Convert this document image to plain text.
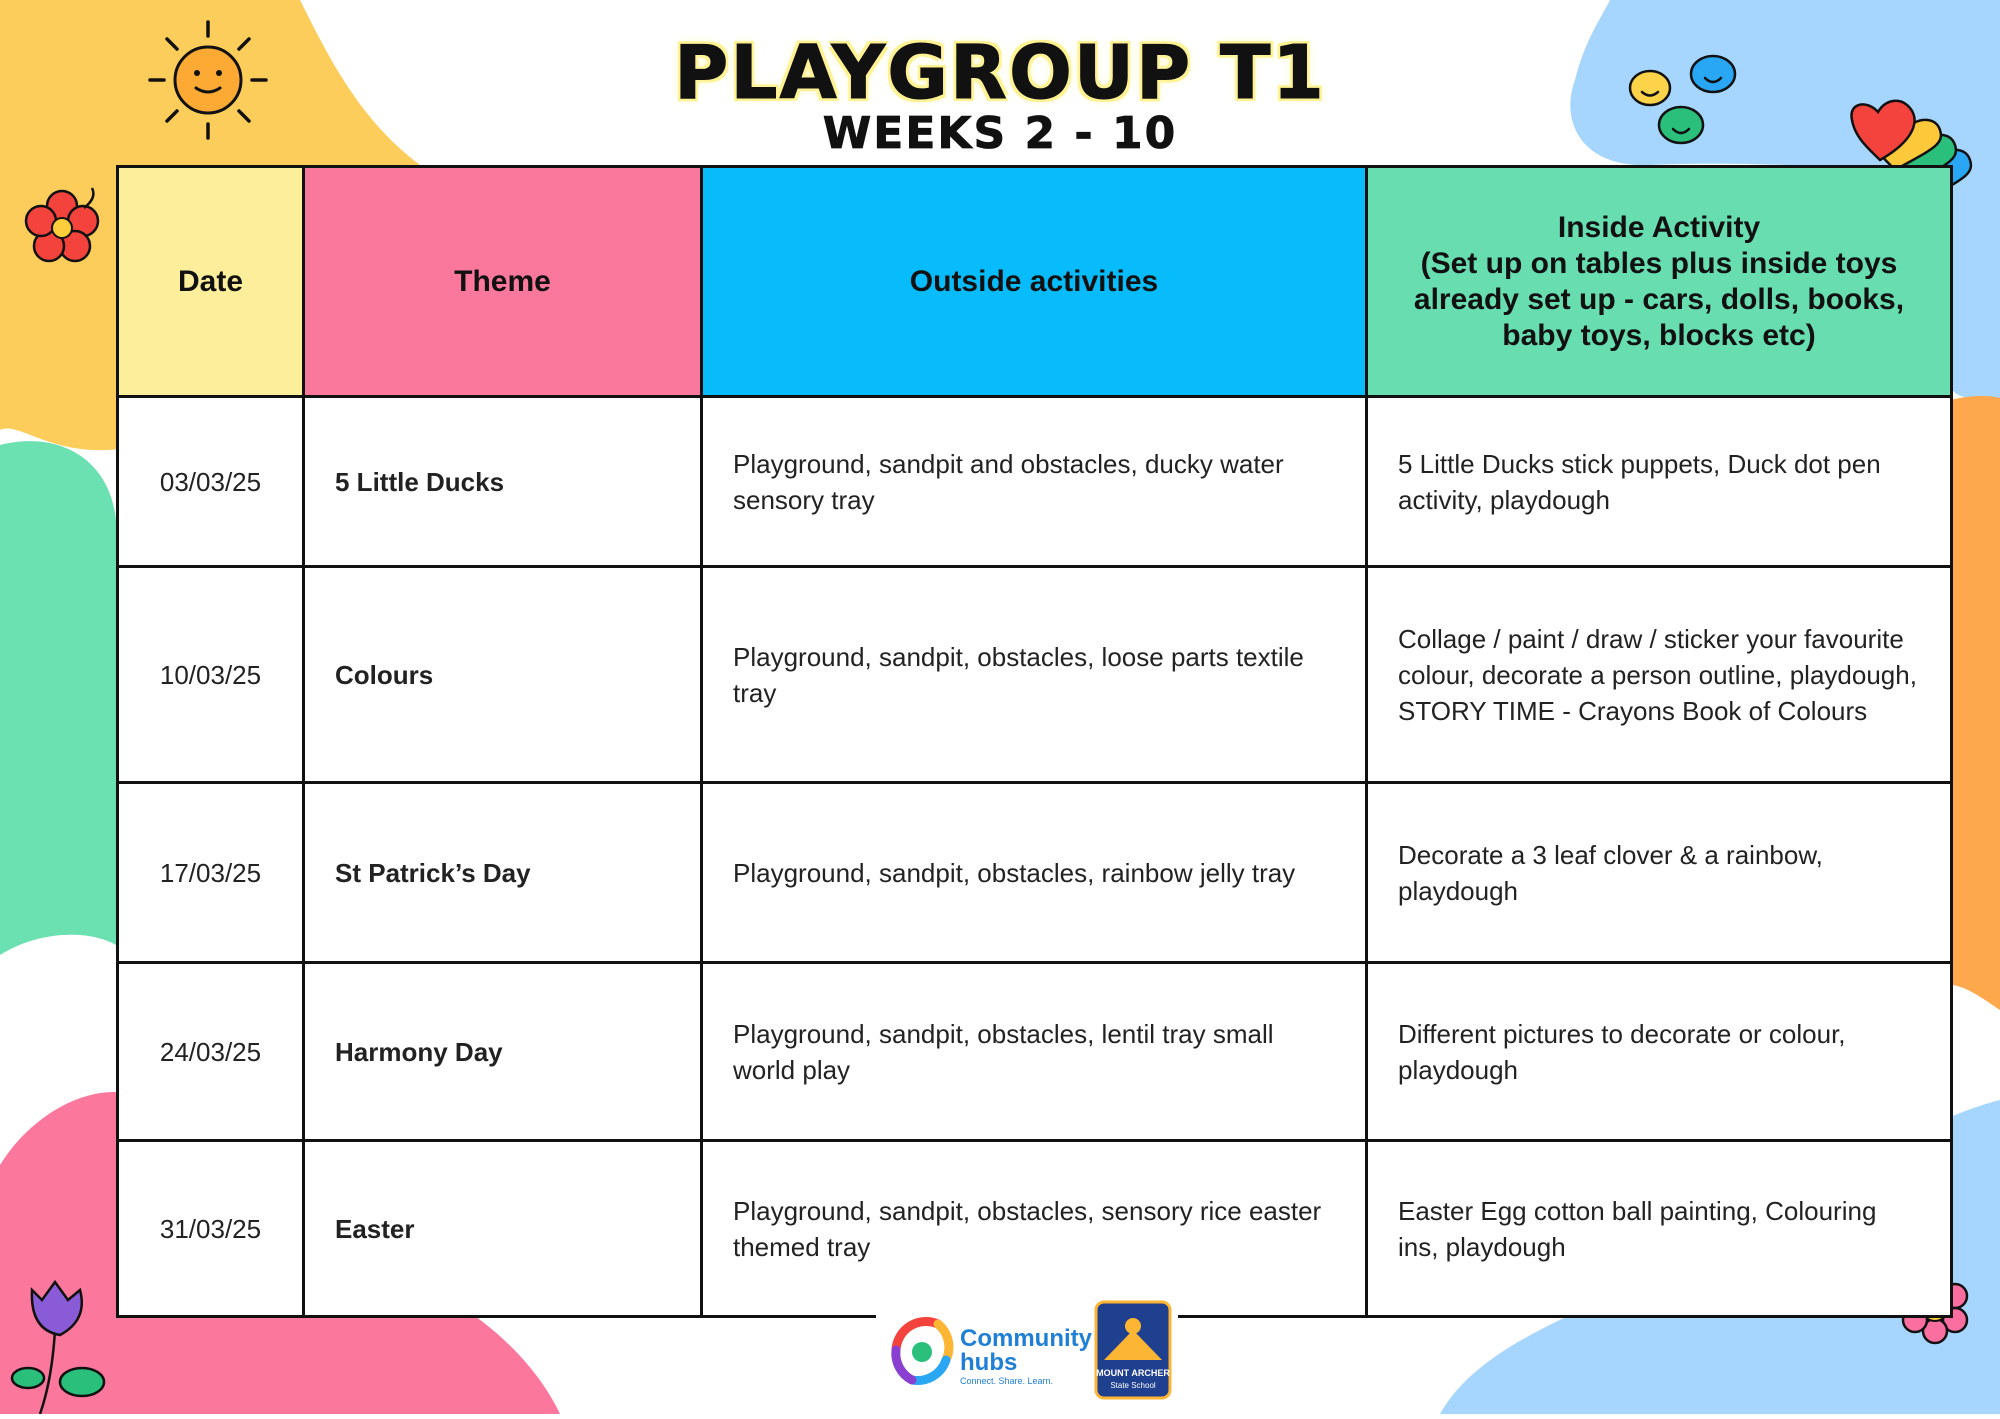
PLAYGROUP T1
WEEKS 2 - 10
Date	Theme	Outside activities	Inside Activity
(Set up on tables plus inside toys already set up - cars, dolls, books, baby toys, blocks etc)
03/03/25	5 Little Ducks	Playground, sandpit and obstacles, ducky water sensory tray	5 Little Ducks stick puppets, Duck dot pen activity, playdough
10/03/25	Colours	Playground, sandpit, obstacles, loose parts textile tray	Collage / paint / draw / sticker your favourite colour, decorate a person outline, playdough, STORY TIME - Crayons Book of Colours
17/03/25	St Patrick’s Day	Playground, sandpit, obstacles, rainbow jelly tray	Decorate a 3 leaf clover & a rainbow, playdough
24/03/25	Harmony Day	Playground, sandpit, obstacles, lentil tray small world play	Different pictures to decorate or colour, playdough
31/03/25	Easter	Playground, sandpit, obstacles, sensory rice easter themed tray	Easter Egg cotton ball painting, Colouring ins, playdough
Community
hubs
Connect. Share. Learn.
MOUNT ARCHER
State School
